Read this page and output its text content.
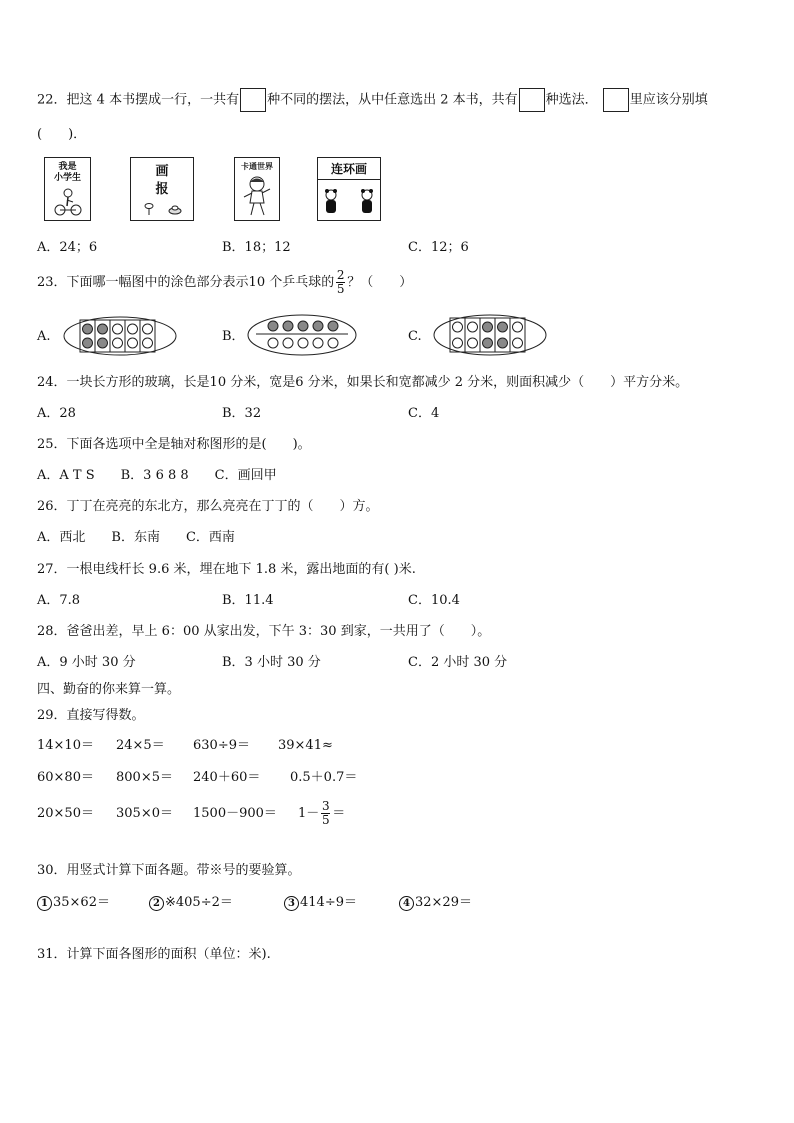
22．把这 4 本书摆成一行，一共有 种不同的摆法，从中任意选出 2 本书，共有 种选法． 里应该分别填
(　　)．
我是
小学生	画
报
卡通世界	连环画
A．24；6	B．18；12	C．12；6
23．下面哪一幅图中的涂色部分表示10 个乒乓球的 $\frac{2}{5}$ ？（　　）
A.	B．	C.
24．一块长方形的玻璃，长是10 分米，宽是6 分米，如果长和宽都减少 2 分米，则面积减少（　　）平方分米。
A．28	B．32	C．4
25．下面各选项中全是轴对称图形的是(　　)。
A．A T S　　B．3 6 8 8　　C．画回甲
26．丁丁在亮亮的东北方，那么亮亮在丁丁的（　　）方。
A．西北　　B．东南　　C．西南
27．一根电线杆长 9.6 米，埋在地下 1.8 米，露出地面的有( )米.
A．7.8	B．11.4	C．10.4
28．爸爸出差，早上 6：00 从家出发，下午 3：30 到家，一共用了（　　）。
A．9 小时 30 分	B．3 小时 30 分	C．2 小时 30 分
四、勤奋的你来算一算。
29．直接写得数。
14×10＝ 24×5＝ 630÷9＝ 39×41≈
60×80＝ 800×5＝ 240＋60＝ 0.5＋0.7＝
$20\times 50= 305\times 0= 1500-900= 1- \frac{3}{5}$ ＝
30．用竖式计算下面各题。带※号的要验算。
1 35×62＝	2 ※405÷2＝	3 414÷9＝	4 32×29＝
31．计算下面各图形的面积（单位：米).
